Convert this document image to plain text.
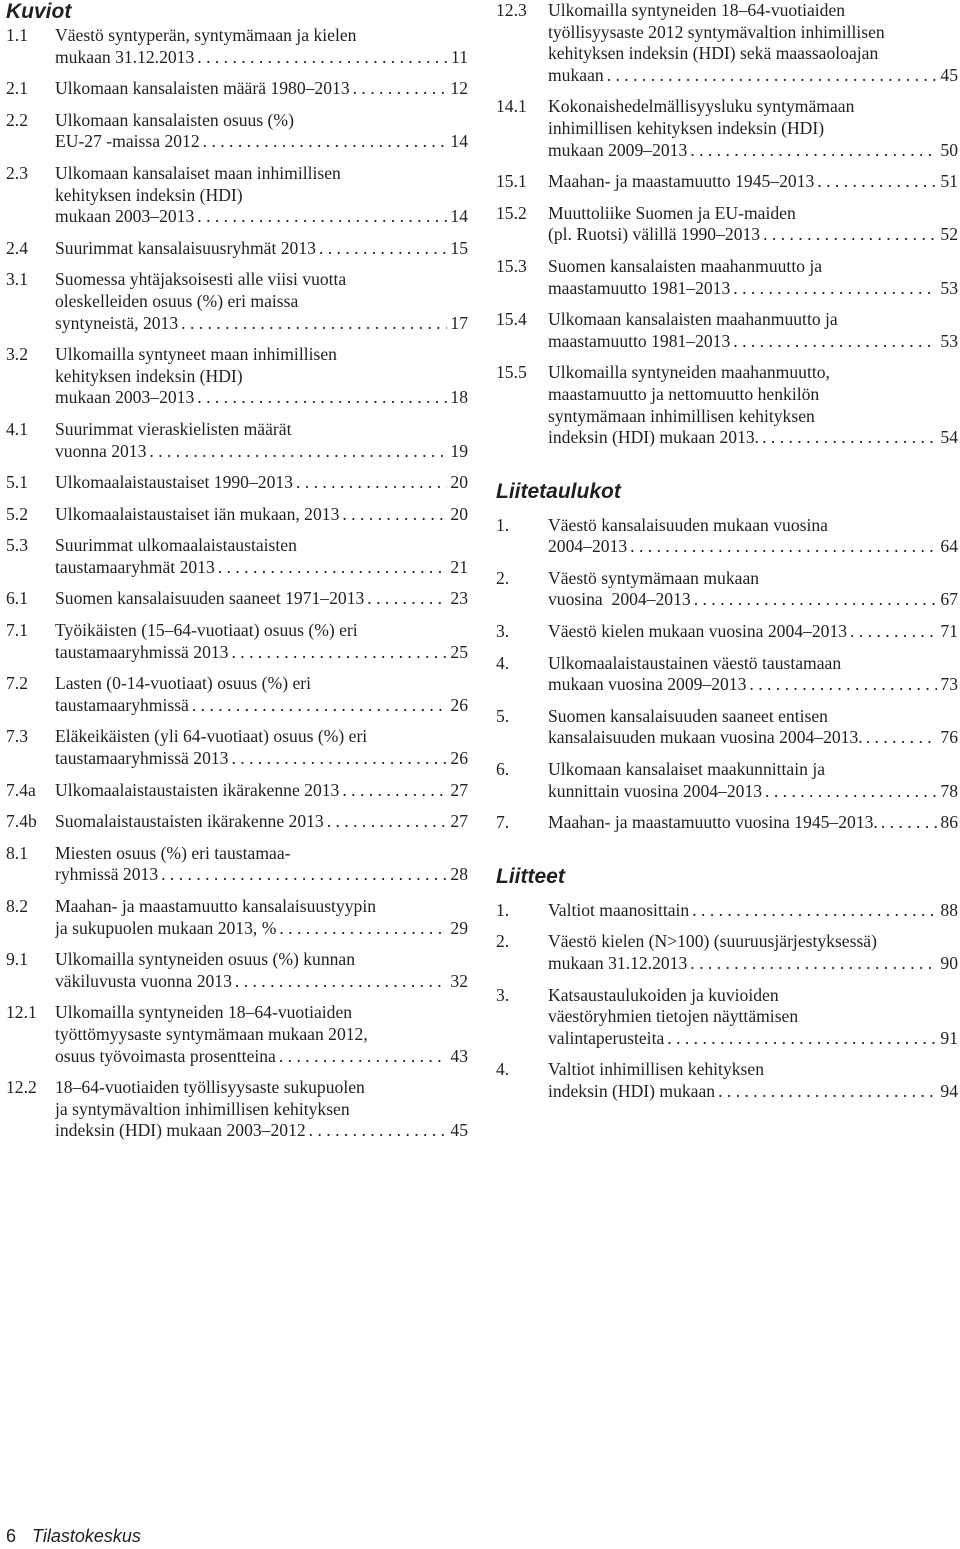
Kuviot
1.1	Väestö syntyperän, syntymämaan ja kielen
mukaan 31.12.2013 . . .	11
2.1	Ulkomaan kansalaisten määrä 1980–2013 . . .	12
2.2	Ulkomaan kansalaisten osuus (%)
EU-27 -maissa 2012 . . .	14
2.3	Ulkomaan kansalaiset maan inhimillisen
kehityksen indeksin (HDI)
mukaan 2003–2013 . . .	14
2.4	Suurimmat kansalaisuusryhmät 2013 . . .	15
3.1	Suomessa yhtäjaksoisesti alle viisi vuotta
oleskelleiden osuus (%) eri maissa
syntyneistä, 2013 . . .	17
3.2	Ulkomailla syntyneet maan inhimillisen
kehityksen indeksin (HDI)
mukaan 2003–2013 . . .	18
4.1	Suurimmat vieraskielisten määrät
vuonna 2013 . . .	19
5.1	Ulkomaalaistaustaiset 1990–2013 . . .	20
5.2	Ulkomaalaistaustaiset iän mukaan, 2013 . . .	20
5.3	Suurimmat ulkomaalaistaustaisten
taustamaaryhmät 2013 . . .	21
6.1	Suomen kansalaisuuden saaneet 1971–2013 . . .	23
7.1	Työikäisten (15–64-vuotiaat) osuus (%) eri
taustamaaryhmissä 2013 . . .	25
7.2	Lasten (0-14-vuotiaat) osuus (%) eri
taustamaaryhmissä . . .	26
7.3	Eläkeikäisten (yli 64-vuotiaat) osuus (%) eri
taustamaaryhmissä 2013 . . .	26
7.4a	Ulkomaalaistaustaisten ikärakenne 2013 . . .	27
7.4b	Suomalaistaustaisten ikärakenne 2013 . . .	27
8.1	Miesten osuus (%) eri taustamaa-
ryhmissä 2013 . . .	28
8.2	Maahan- ja maastamuutto kansalaisuustyypin
ja sukupuolen mukaan 2013, % . . .	29
9.1	Ulkomailla syntyneiden osuus (%) kunnan
väkiluvusta vuonna 2013 . . .	32
12.1	Ulkomailla syntyneiden 18–64-vuotiaiden
työttömyysaste syntymämaan mukaan 2012,
osuus työvoimasta prosentteina . . .	43
12.2	18–64-vuotiaiden työllisyysaste sukupuolen
ja syntymävaltion inhimillisen kehityksen
indeksin (HDI) mukaan 2003–2012 . . .	45
12.3	Ulkomailla syntyneiden 18–64-vuotiaiden
työllisyysaste 2012 syntymävaltion inhimillisen
kehityksen indeksin (HDI) sekä maassaoloajan
mukaan . . .	45
14.1	Kokonaishedelmällisyysluku syntymämaan
inhimillisen kehityksen indeksin (HDI)
mukaan 2009–2013 . . .	50
15.1	Maahan- ja maastamuutto 1945–2013 . . .	51
15.2	Muuttoliike Suomen ja EU-maiden
(pl. Ruotsi) välillä 1990–2013 . . .	52
15.3	Suomen kansalaisten maahanmuutto ja
maastamuutto 1981–2013 . . .	53
15.4	Ulkomaan kansalaisten maahanmuutto ja
maastamuutto 1981–2013 . . .	53
15.5	Ulkomailla syntyneiden maahanmuutto,
maastamuutto ja nettomuutto henkilön
syntymämaan inhimillisen kehityksen
indeksin (HDI) mukaan 2013. . . .	54
Liitetaulukot
1.	Väestö kansalaisuuden mukaan vuosina
2004–2013 . . .	64
2.	Väestö syntymämaan mukaan
vuosina  2004–2013 . . .	67
3.	Väestö kielen mukaan vuosina 2004–2013 . . .	71
4.	Ulkomaalaistaustainen väestö taustamaan
mukaan vuosina 2009–2013 . . .	73
5.	Suomen kansalaisuuden saaneet entisen
kansalaisuuden mukaan vuosina 2004–2013. . . .	76
6.	Ulkomaan kansalaiset maakunnittain ja
kunnittain vuosina 2004–2013 . . .	78
7.	Maahan- ja maastamuutto vuosina 1945–2013. . . .	86
Liitteet
1.	Valtiot maanosittain . . .	88
2.	Väestö kielen (N>100) (suuruusjärjestyksessä)
mukaan 31.12.2013 . . .	90
3.	Katsaustaulukoiden ja kuvioiden
väestöryhmien tietojen näyttämisen
valintaperusteita . . .	91
4.	Valtiot inhimillisen kehityksen
indeksin (HDI) mukaan . . .	94
6 Tilastokeskus
